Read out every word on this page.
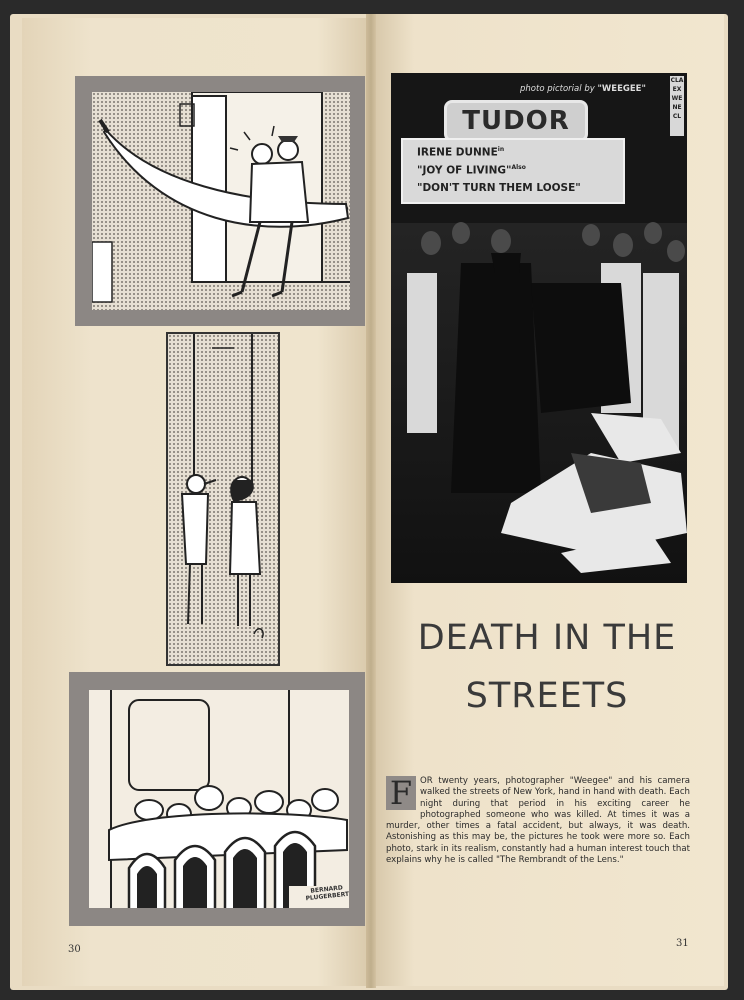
BERNARD
PLUGERBERT
30
photo pictorial by "WEEGEE"
TUDOR
IRENE $DUNNE^{in}$
"JOY OF LIVING"$^{Also}$
"DON'T TURN THEM LOOSE"
CLA
EX
WE
NE
CL
DEATH IN THE
STREETS
F OR twenty years, photographer "Weegee" and his camera walked the streets of New York, hand in hand with death. Each night during that period in his exciting career he photographed someone who was killed. At times it was a murder, other times a fatal accident, but always, it was death. Astonishing as this may be, the pictures he took were more so. Each photo, stark in its realism, constantly had a human interest touch that explains why he is called "The Rembrandt of the Lens."
31
